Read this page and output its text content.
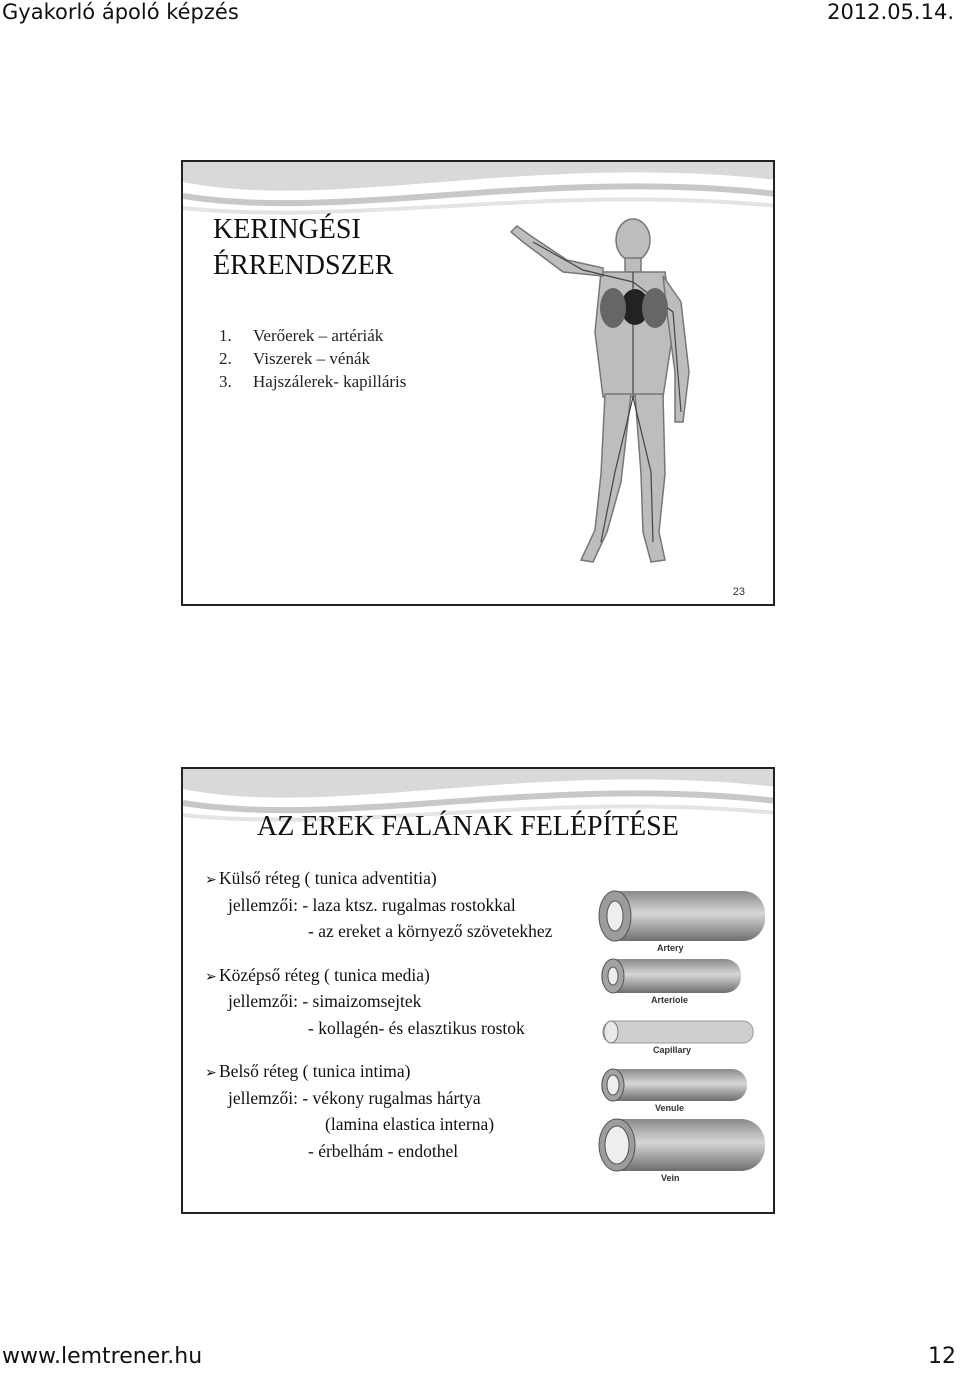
Gyakorló ápoló képzés	2012.05.14.
KERINGÉSI
ÉRRENDSZER
1.	Verőerek – artériák
2.	Viszerek – vénák
3.	Hajszálerek- kapilláris
23
AZ EREK FALÁNAK FELÉPÍTÉSE
➢ Külső réteg ( tunica adventitia)
jellemzői: - laza ktsz. rugalmas rostokkal
- az ereket a környező szövetekhez
➢ Középső réteg ( tunica media)
jellemzői: - simaizomsejtek
- kollagén- és elasztikus rostok
➢ Belső réteg ( tunica intima)
jellemzői: - vékony rugalmas hártya
(lamina elastica interna)
- érbelhám - endothel
Artery
Arteriole
Capillary
Venule
Vein
www.lemtrener.hu	12
